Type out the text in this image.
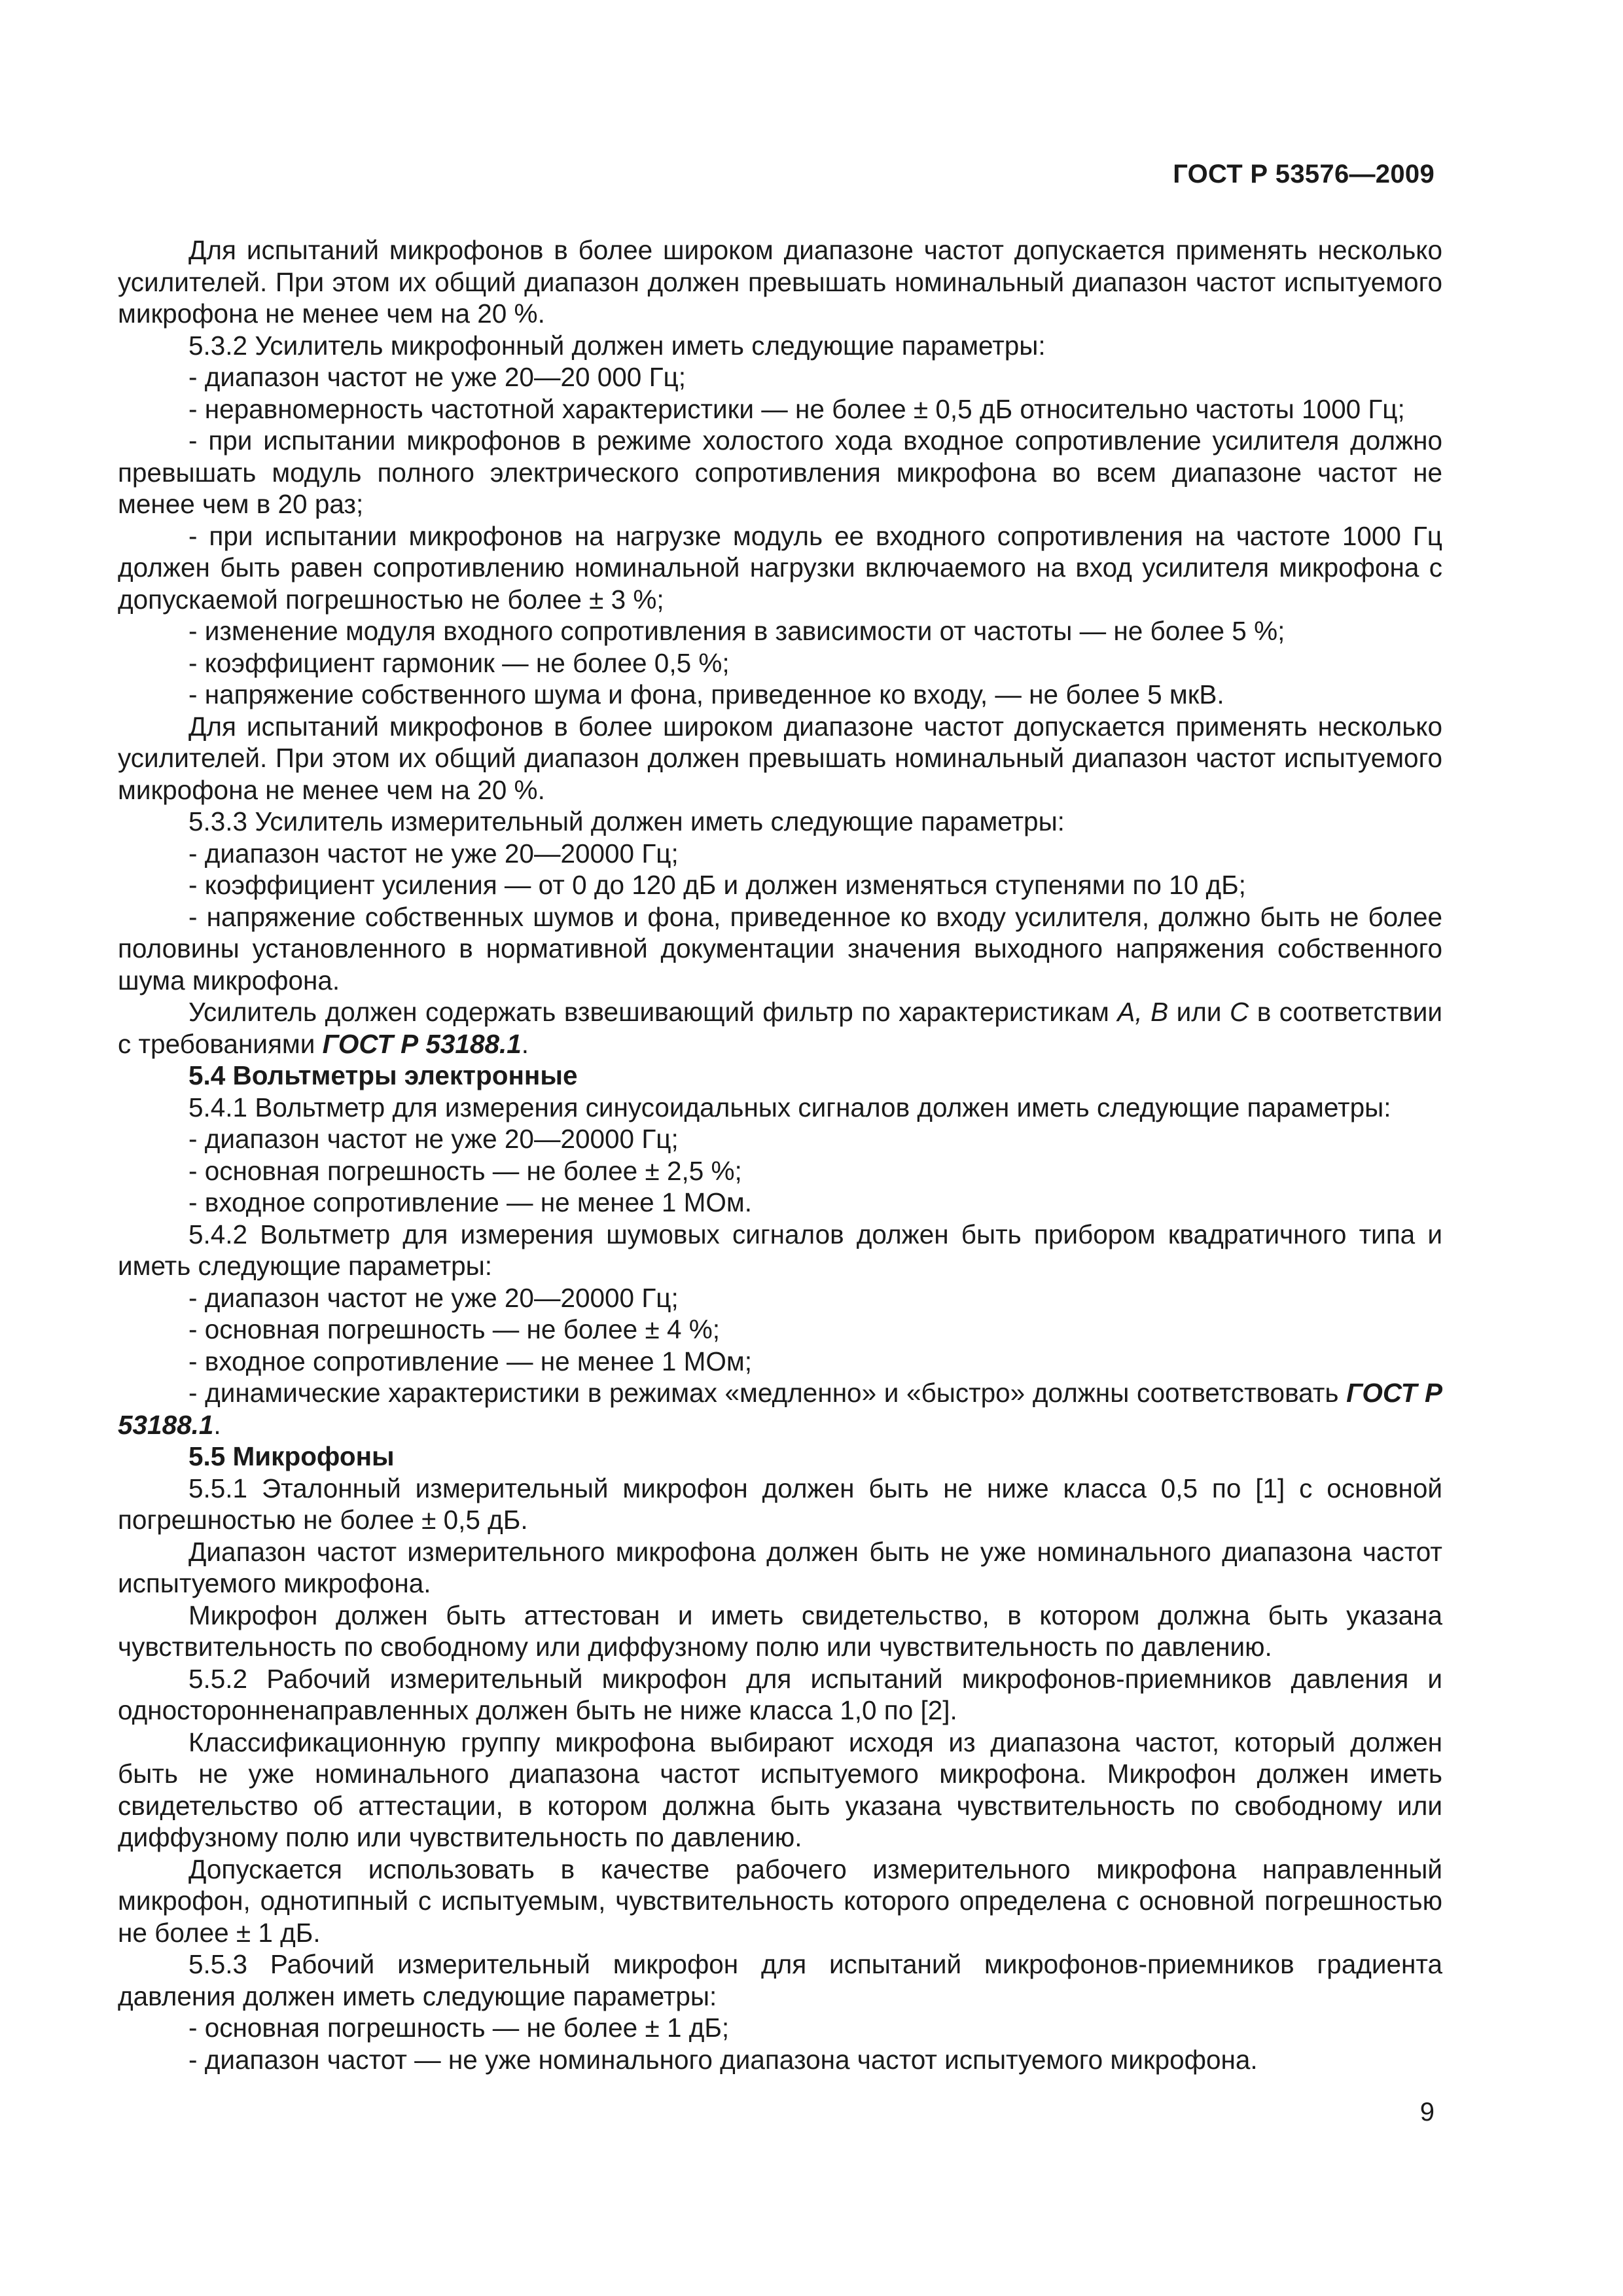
ГОСТ Р 53576—2009

Для испытаний микрофонов в более широком диапазоне частот допускается применять несколько усилителей. При этом их общий диапазон должен превышать номинальный диапазон частот испытуемого микрофона не менее чем на 20 %.

5.3.2 Усилитель микрофонный должен иметь следующие параметры:

- диапазон частот не уже 20—20 000 Гц;

- неравномерность частотной характеристики — не более ± 0,5 дБ относительно частоты 1000 Гц;

- при испытании микрофонов в режиме холостого хода входное сопротивление усилителя должно превышать модуль полного электрического сопротивления микрофона во всем диапазоне частот не менее чем в 20 раз;

- при испытании микрофонов на нагрузке модуль ее входного сопротивления на частоте 1000 Гц должен быть равен сопротивлению номинальной нагрузки включаемого на вход усилителя микрофона с допускаемой погрешностью не более ± 3 %;

- изменение модуля входного сопротивления в зависимости от частоты — не более 5 %;

- коэффициент гармоник — не более 0,5 %;

- напряжение собственного шума и фона, приведенное ко входу, — не более 5 мкВ.

Для испытаний микрофонов в более широком диапазоне частот допускается применять несколько усилителей. При этом их общий диапазон должен превышать номинальный диапазон частот испытуемого микрофона не менее чем на 20 %.

5.3.3 Усилитель измерительный должен иметь следующие параметры:

- диапазон частот не уже 20—20000 Гц;

- коэффициент усиления — от 0 до 120 дБ и должен изменяться ступенями по 10 дБ;

- напряжение собственных шумов и фона, приведенное ко входу усилителя, должно быть не более половины установленного в нормативной документации значения выходного напряжения собственного шума микрофона.

Усилитель должен содержать взвешивающий фильтр по характеристикам A, B или C в соответствии с требованиями ГОСТ Р 53188.1.

5.4 Вольтметры электронные

5.4.1 Вольтметр для измерения синусоидальных сигналов должен иметь следующие параметры:

- диапазон частот не уже 20—20000 Гц;

- основная погрешность — не более ± 2,5 %;

- входное сопротивление — не менее 1 МОм.

5.4.2 Вольтметр для измерения шумовых сигналов должен быть прибором квадратичного типа и иметь следующие параметры:

- диапазон частот не уже 20—20000 Гц;

- основная погрешность — не более ± 4 %;

- входное сопротивление — не менее 1 МОм;

- динамические характеристики в режимах «медленно» и «быстро» должны соответствовать ГОСТ Р 53188.1.

5.5 Микрофоны

5.5.1 Эталонный измерительный микрофон должен быть не ниже класса 0,5 по [1] с основной погрешностью не более ± 0,5 дБ.

Диапазон частот измерительного микрофона должен быть не уже номинального диапазона частот испытуемого микрофона.

Микрофон должен быть аттестован и иметь свидетельство, в котором должна быть указана чувствительность по свободному или диффузному полю или чувствительность по давлению.

5.5.2 Рабочий измерительный микрофон для испытаний микрофонов-приемников давления и односторонненаправленных должен быть не ниже класса 1,0 по [2].

Классификационную группу микрофона выбирают исходя из диапазона частот, который должен быть не уже номинального диапазона частот испытуемого микрофона. Микрофон должен иметь свидетельство об аттестации, в котором должна быть указана чувствительность по свободному или диффузному полю или чувствительность по давлению.

Допускается использовать в качестве рабочего измерительного микрофона направленный микрофон, однотипный с испытуемым, чувствительность которого определена с основной погрешностью не более ± 1 дБ.

5.5.3 Рабочий измерительный микрофон для испытаний микрофонов-приемников градиента давления должен иметь следующие параметры:

- основная погрешность — не более ± 1 дБ;

- диапазон частот — не уже номинального диапазона частот испытуемого микрофона.

9
